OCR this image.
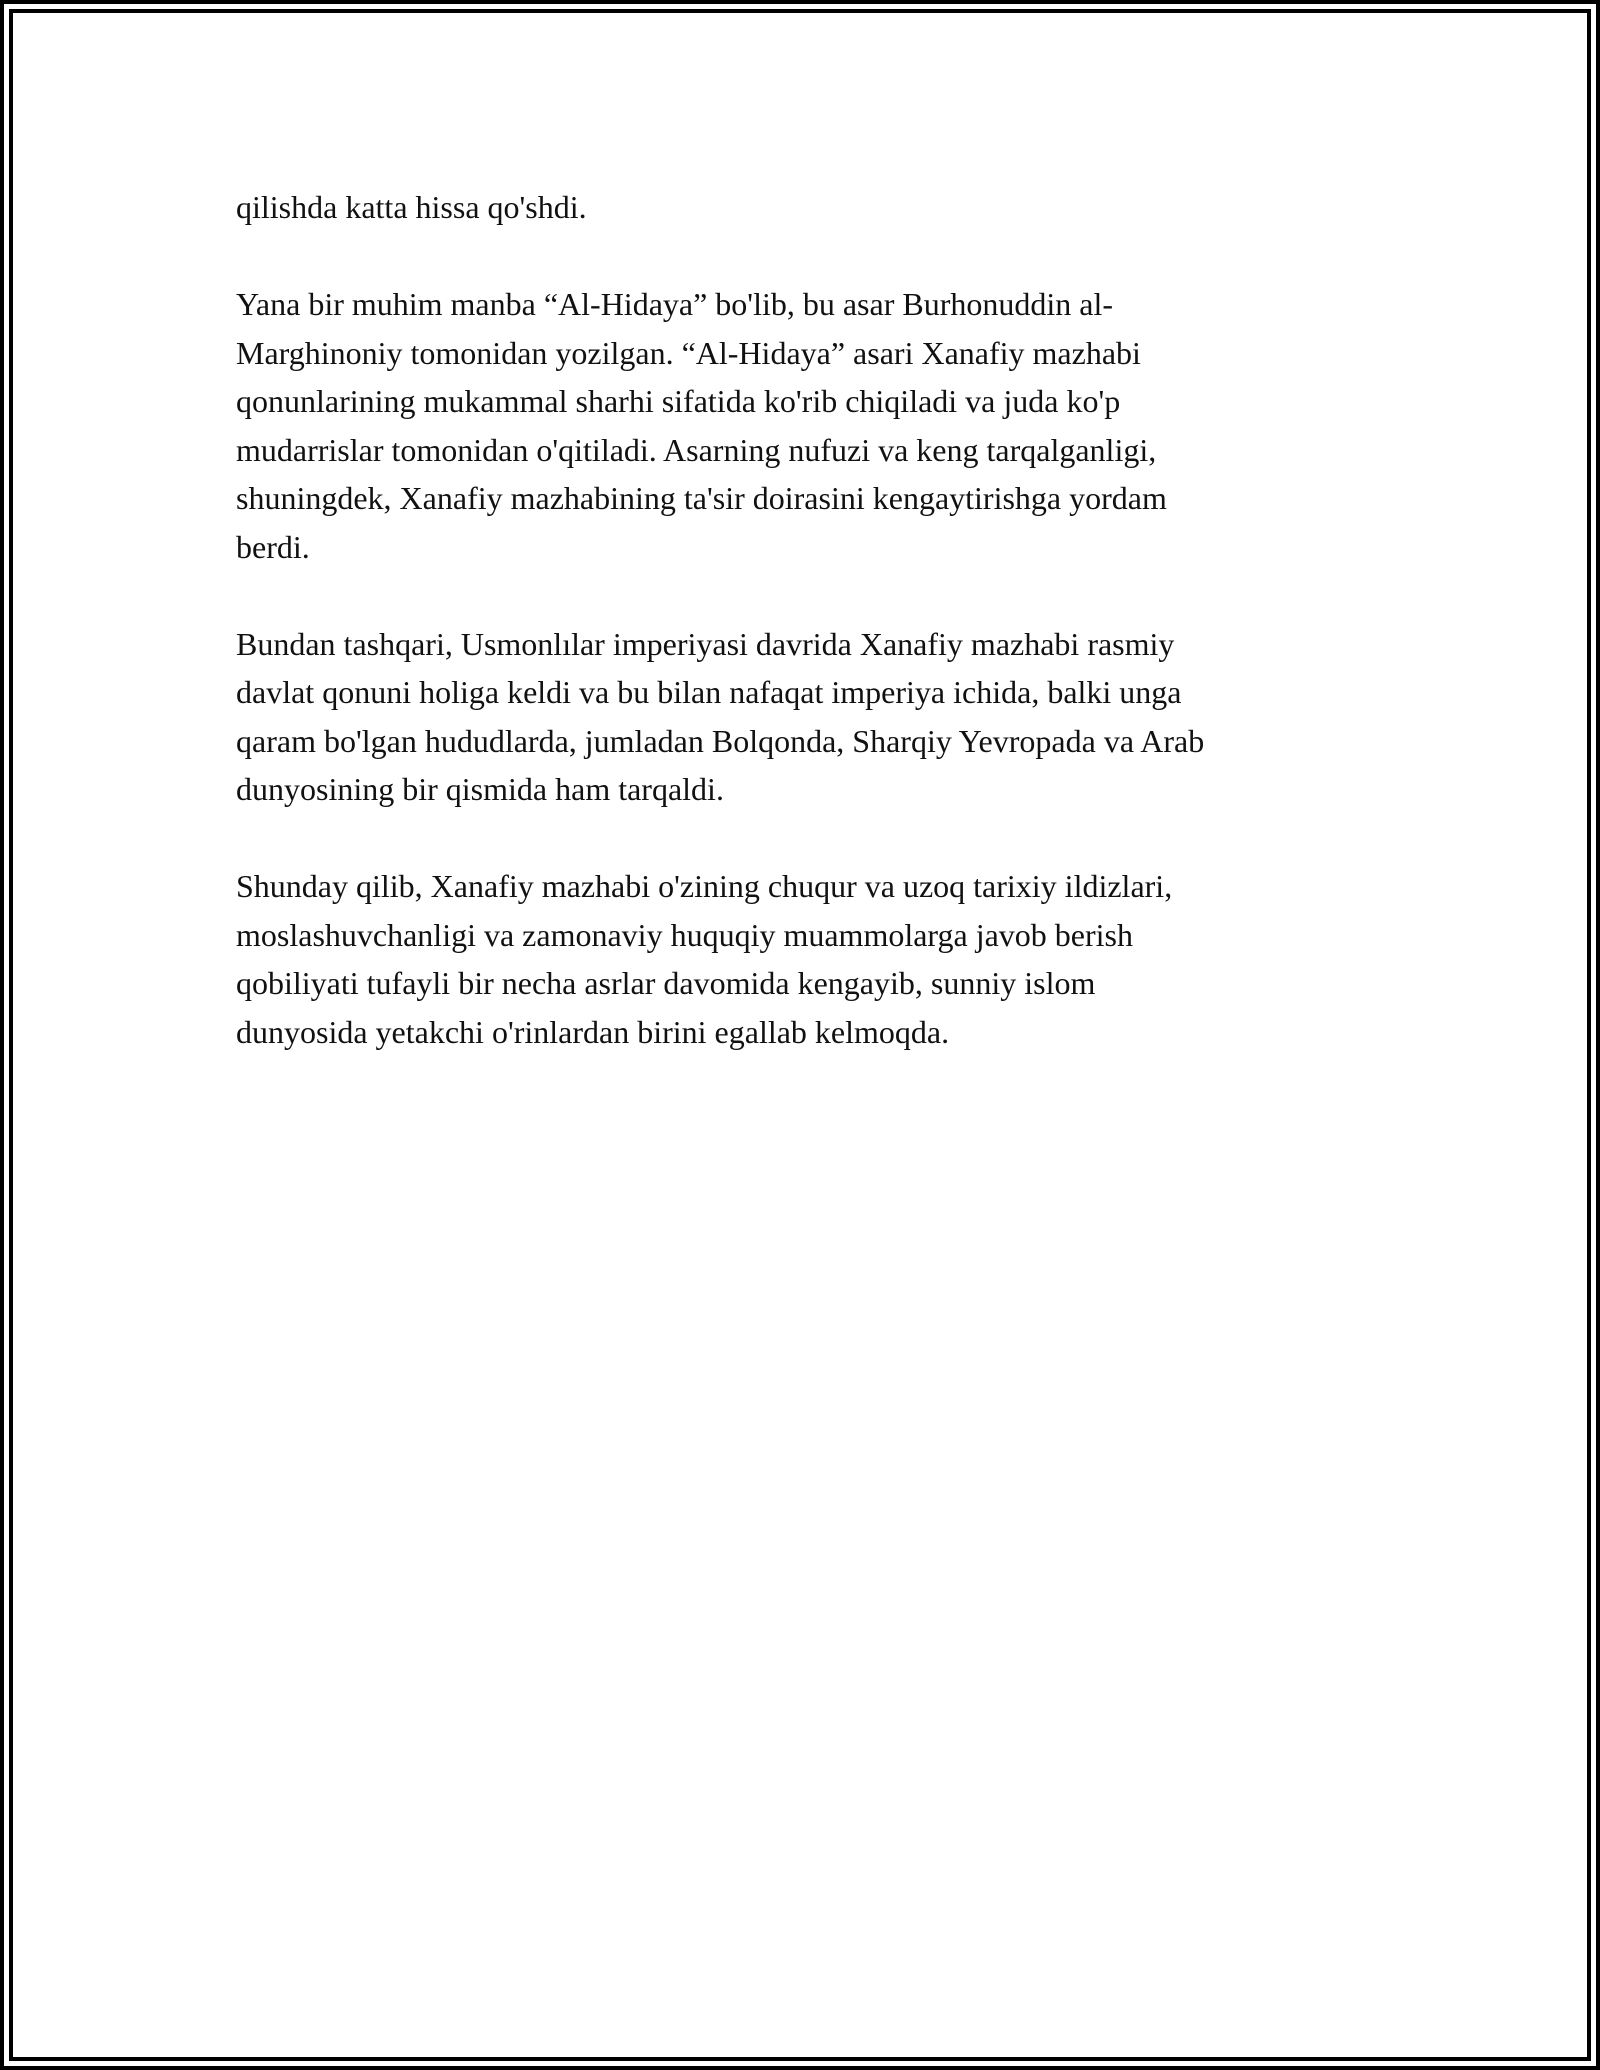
qilishda katta hissa qo'shdi.

Yana bir muhim manba “Al-Hidaya” bo'lib, bu asar Burhonuddin al-
Marghinoniy tomonidan yozilgan. “Al-Hidaya” asari Xanafiy mazhabi
qonunlarining mukammal sharhi sifatida ko'rib chiqiladi va juda ko'p
mudarrislar tomonidan o'qitiladi. Asarning nufuzi va keng tarqalganligi,
shuningdek, Xanafiy mazhabining ta'sir doirasini kengaytirishga yordam
berdi.

Bundan tashqari, Usmonlılar imperiyasi davrida Xanafiy mazhabi rasmiy
davlat qonuni holiga keldi va bu bilan nafaqat imperiya ichida, balki unga
qaram bo'lgan hududlarda, jumladan Bolqonda, Sharqiy Yevropada va Arab
dunyosining bir qismida ham tarqaldi.

Shunday qilib, Xanafiy mazhabi o'zining chuqur va uzoq tarixiy ildizlari,
moslashuvchanligi va zamonaviy huquqiy muammolarga javob berish
qobiliyati tufayli bir necha asrlar davomida kengayib, sunniy islom
dunyosida yetakchi o'rinlardan birini egallab kelmoqda.
